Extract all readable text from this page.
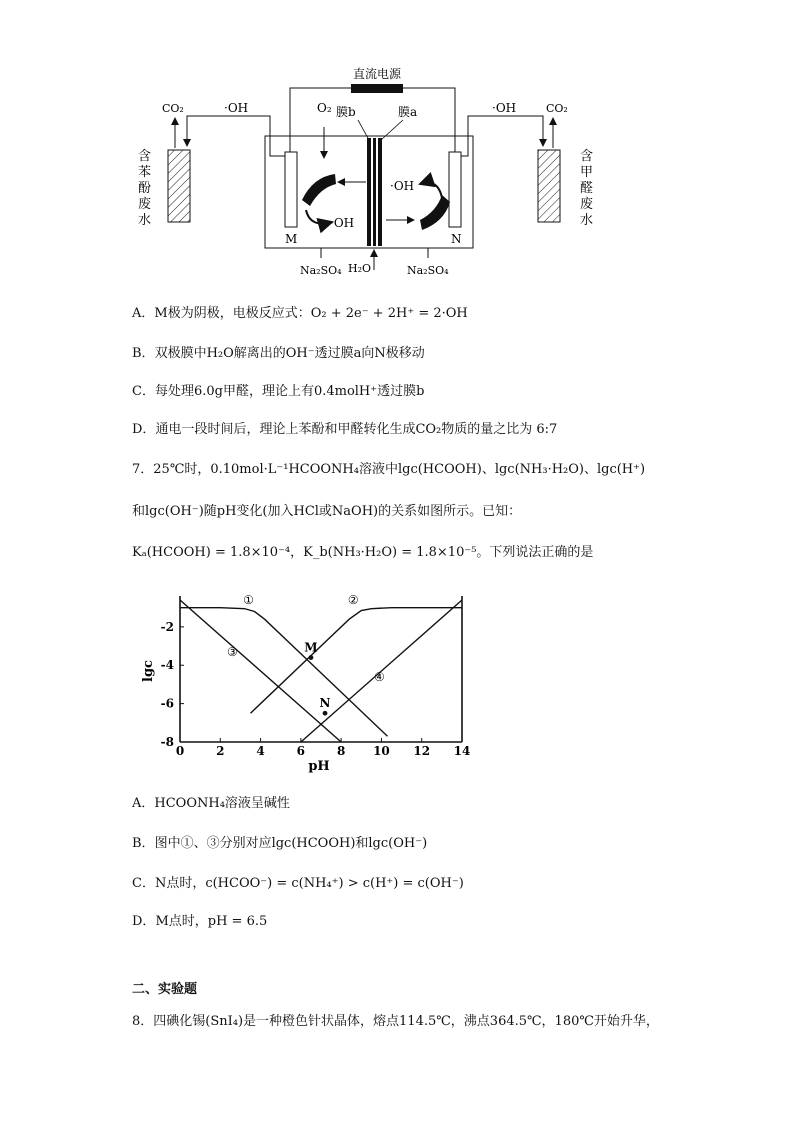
直流电源
M	N
膜b	膜a
O₂
·OH
·OH
Na₂SO₄	Na₂SO₄
H₂O
CO₂	·OH
含苯酚废水
CO₂
·OH
含甲醛废水
A．M极为阴极，电极反应式：O₂ + 2e⁻ + 2H⁺ = 2·OH
B．双极膜中H₂O解离出的OH⁻透过膜a向N极移动
C．每处理6.0g甲醛，理论上有0.4molH⁺透过膜b
D．通电一段时间后，理论上苯酚和甲醛转化生成CO₂物质的量之比为 6:7
7．25℃时，0.10mol·L⁻¹HCOONH₄溶液中lgc(HCOOH)、lgc(NH₃·H₂O)、lgc(H⁺)
和lgc(OH⁻)随pH变化(加入HCl或NaOH)的关系如图所示。已知：
Kₐ(HCOOH) = 1.8×10⁻⁴，K_b(NH₃·H₂O) = 1.8×10⁻⁵。下列说法正确的是
0	2	4	6	8 10 12 14
-2
-4
-6
-8
pH
lgc
①	②
③
④
M
N
A．HCOONH₄溶液呈碱性
B．图中①、③分别对应lgc(HCOOH)和lgc(OH⁻)
C．N点时，c(HCOO⁻) = c(NH₄⁺) > c(H⁺) = c(OH⁻)
D．M点时，pH = 6.5
二、实验题
8．四碘化锡(SnI₄)是一种橙色针状晶体，熔点114.5℃，沸点364.5℃，180℃开始升华，
